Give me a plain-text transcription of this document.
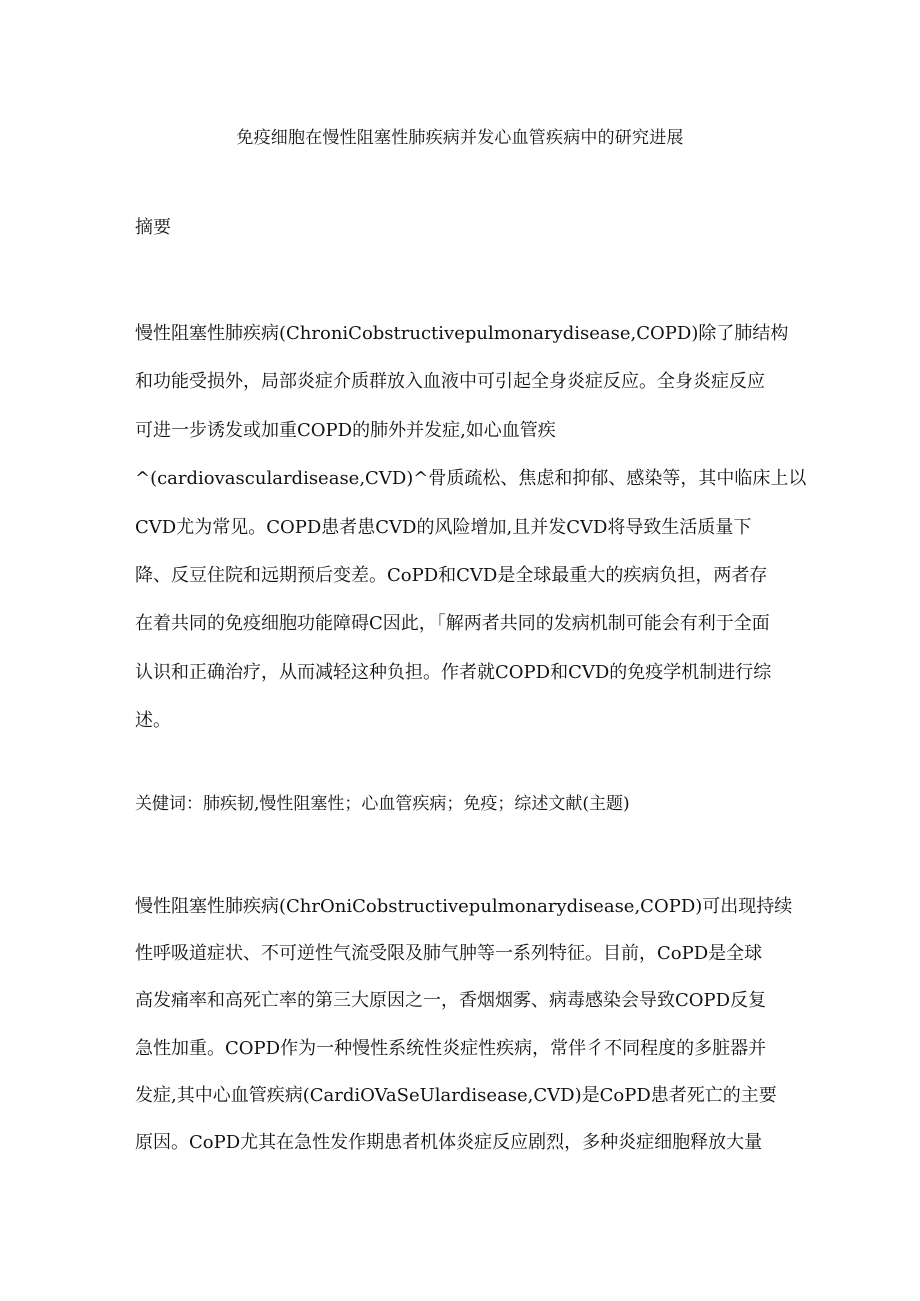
免疫细胞在慢性阻塞性肺疾病并发心血管疾病中的研究进展
摘要
慢性阻塞性肺疾病(ChroniCobstructivepulmonarydisease,COPD)除了肺结构
和功能受损外，局部炎症介质群放入血液中可引起全身炎症反应。全身炎症反应
可进一步诱发或加重COPD的肺外并发症,如心血管疾
^(cardiovasculardisease,CVD)^骨质疏松、焦虑和抑郁、感染等，其中临床上以
CVD尤为常见。COPD患者患CVD的风险增加,且并发CVD将导致生活质量下
降、反豆住院和远期预后变差。CoPD和CVD是全球最重大的疾病负担，两者存
在着共同的免疫细胞功能障碍C因此，「解两者共同的发病机制可能会有利于全面
认识和正确治疗，从而减轻这种负担。作者就COPD和CVD的免疫学机制进行综
述。
关健词：肺疾韧,慢性阻塞性；心血管疾病；免疫；综述文献(主题)
慢性阻塞性肺疾病(ChrOniCobstructivepulmonarydisease,COPD)可出现持续
性呼吸道症状、不可逆性气流受限及肺气肿等一系列特征。目前，CoPD是全球
高发痛率和高死亡率的第三大原因之一，香烟烟雾、病毒感染会导致COPD反复
急性加重。COPD作为一种慢性系统性炎症性疾病，常伴彳不同程度的多脏器并
发症,其中心血管疾病(CardiOVaSeUlardisease,CVD)是CoPD患者死亡的主要
原因。CoPD尤其在急性发作期患者机体炎症反应剧烈，多种炎症细胞释放大量
